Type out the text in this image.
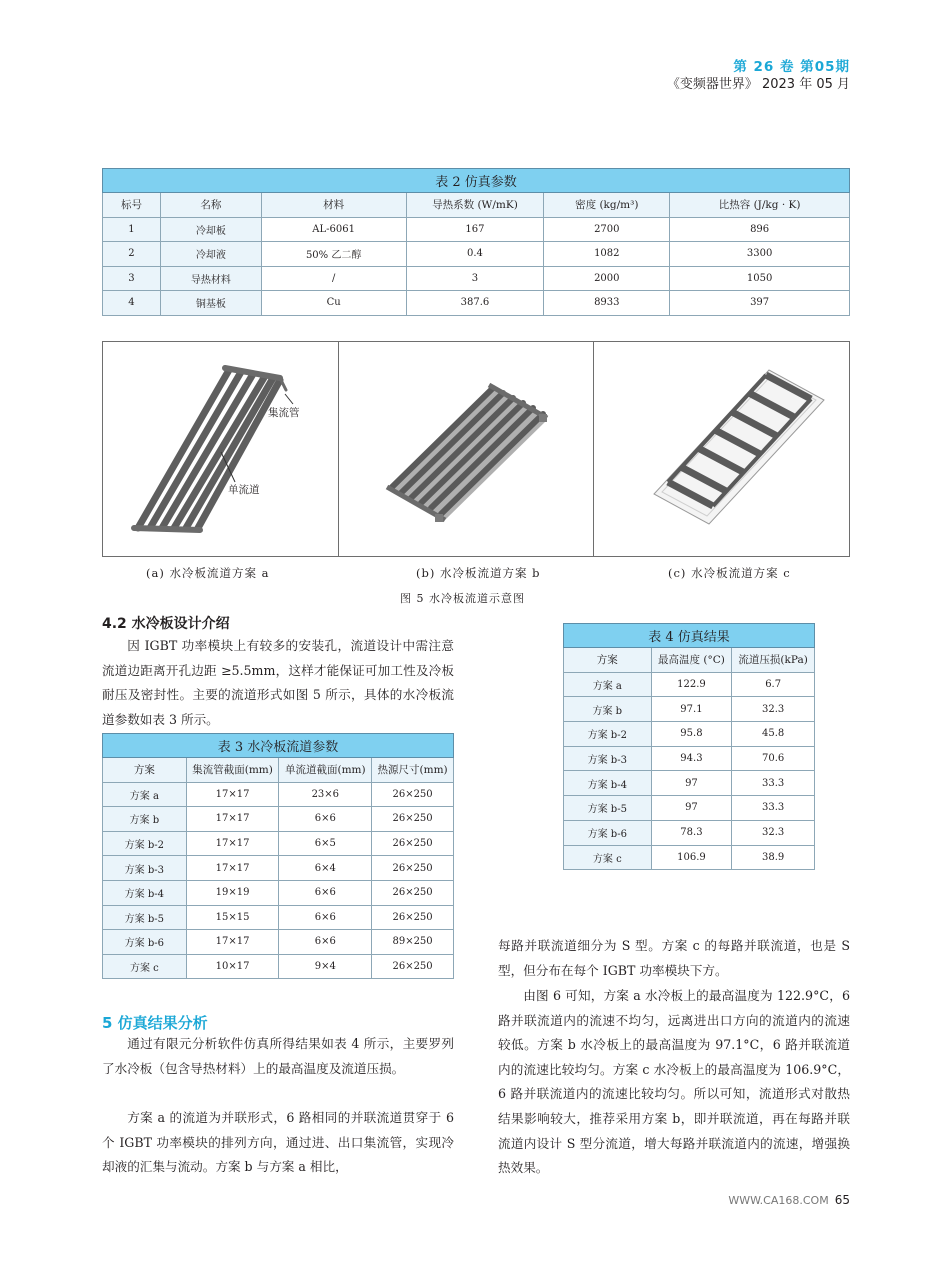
第 26 卷 第05期
《变频器世界》 2023 年 05 月
表 2 仿真参数					
标号	名称	材料	导热系数 (W/mK)	密度 (kg/m³)	比热容 (J/kg · K)
1	冷却板	AL-6061	167	2700	896
2	冷却液	50% 乙二醇	0.4	1082	3300
3	导热材料	/	3	2000	1050
4	铜基板	Cu	387.6	8933	397
集流管
单流道
(a) 水冷板流道方案 a	(b) 水冷板流道方案 b	(c) 水冷板流道方案 c
图 5 水冷板流道示意图
4.2 水冷板设计介绍
因 IGBT 功率模块上有较多的安装孔，流道设计中需注意流道边距离开孔边距 ≥5.5mm，这样才能保证可加工性及冷板耐压及密封性。主要的流道形式如图 5 所示，具体的水冷板流道参数如表 3 所示。
表 3 水冷板流道参数			
方案	集流管截面(mm)	单流道截面(mm)	热源尺寸(mm)
方案 a	17×17	23×6	26×250
方案 b	17×17	6×6	26×250
方案 b-2	17×17	6×5	26×250
方案 b-3	17×17	6×4	26×250
方案 b-4	19×19	6×6	26×250
方案 b-5	15×15	6×6	26×250
方案 b-6	17×17	6×6	89×250
方案 c	10×17	9×4	26×250
表 4 仿真结果		
方案	最高温度 (°C)	流道压损(kPa)
方案 a	122.9	6.7
方案 b	97.1	32.3
方案 b-2	95.8	45.8
方案 b-3	94.3	70.6
方案 b-4	97	33.3
方案 b-5	97	33.3
方案 b-6	78.3	32.3
方案 c	106.9	38.9
5 仿真结果分析
通过有限元分析软件仿真所得结果如表 4 所示，主要罗列了水冷板（包含导热材料）上的最高温度及流道压损。
方案 a 的流道为并联形式，6 路相同的并联流道贯穿于 6 个 IGBT 功率模块的排列方向，通过进、出口集流管，实现冷却液的汇集与流动。方案 b 与方案 a 相比，
每路并联流道细分为 S 型。方案 c 的每路并联流道，也是 S 型，但分布在每个 IGBT 功率模块下方。
由图 6 可知，方案 a 水冷板上的最高温度为 122.9°C，6 路并联流道内的流速不均匀，远离进出口方向的流道内的流速较低。方案 b 水冷板上的最高温度为 97.1°C，6 路并联流道内的流速比较均匀。方案 c 水冷板上的最高温度为 106.9°C，6 路并联流道内的流速比较均匀。所以可知，流道形式对散热结果影响较大，推荐采用方案 b，即并联流道，再在每路并联流道内设计 S 型分流道，增大每路并联流道内的流速，增强换热效果。
WWW.CA168.COM 65
